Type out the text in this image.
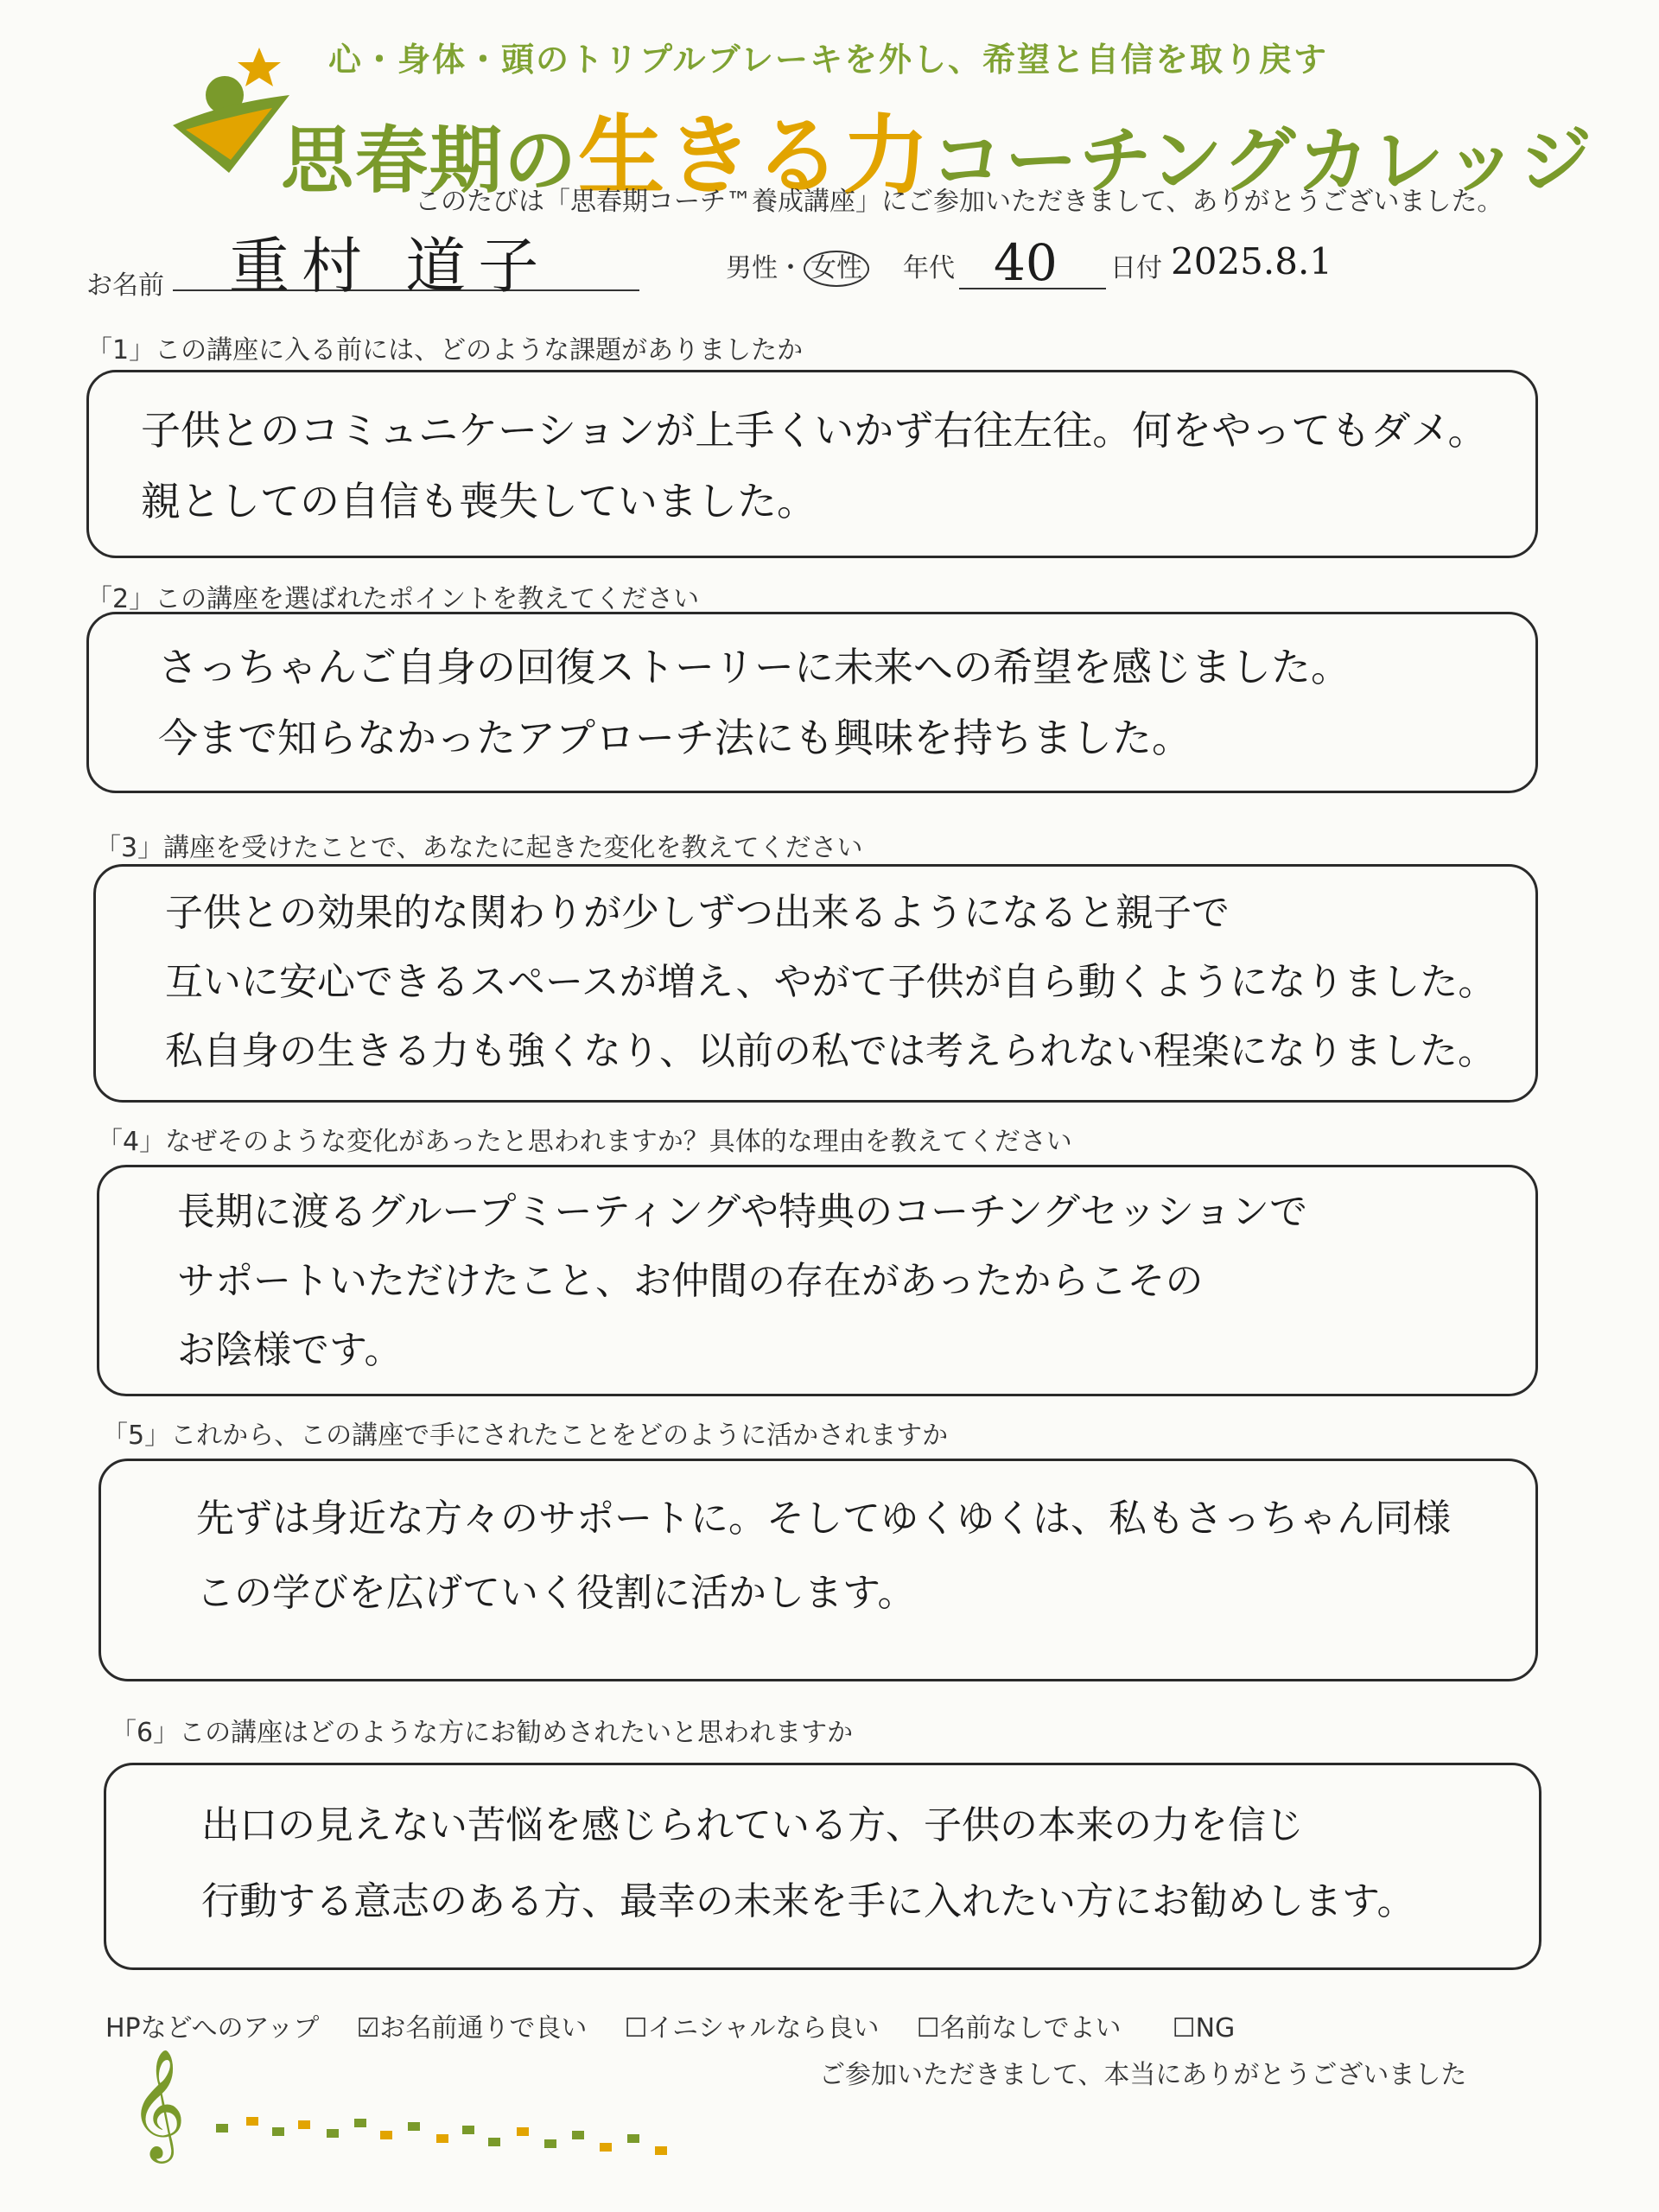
心・身体・頭のトリプルブレーキを外し、希望と自信を取り戻す
思春期の生きる力コーチングカレッジ
このたびは「思春期コーチ™養成講座」にご参加いただきまして、ありがとうございました。
お名前 重村 道子	男性・ 女性 年代 40 日付 2025.8.1
「1」この講座に入る前には、どのような課題がありましたか
子供とのコミュニケーションが上手くいかず右往左往。何をやってもダメ。
親としての自信も喪失していました。
「2」この講座を選ばれたポイントを教えてください
さっちゃんご自身の回復ストーリーに未来への希望を感じました。
今まで知らなかったアプローチ法にも興味を持ちました。
「3」講座を受けたことで、あなたに起きた変化を教えてください
子供との効果的な関わりが少しずつ出来るようになると親子で
互いに安心できるスペースが増え、やがて子供が自ら動くようになりました。
私自身の生きる力も強くなり、以前の私では考えられない程楽になりました。
「4」なぜそのような変化があったと思われますか？具体的な理由を教えてください
長期に渡るグループミーティングや特典のコーチングセッションで
サポートいただけたこと、お仲間の存在があったからこその
お陰様です。
「5」これから、この講座で手にされたことをどのように活かされますか
先ずは身近な方々のサポートに。そしてゆくゆくは、私もさっちゃん同様
この学びを広げていく役割に活かします。
「6」この講座はどのような方にお勧めされたいと思われますか
出口の見えない苦悩を感じられている方、子供の本来の力を信じ
行動する意志のある方、最幸の未来を手に入れたい方にお勧めします。
HPなどへのアップ ☑お名前通りで良い ☐イニシャルなら良い ☐名前なしでよい ☐NG
ご参加いただきまして、本当にありがとうございました
𝄞
